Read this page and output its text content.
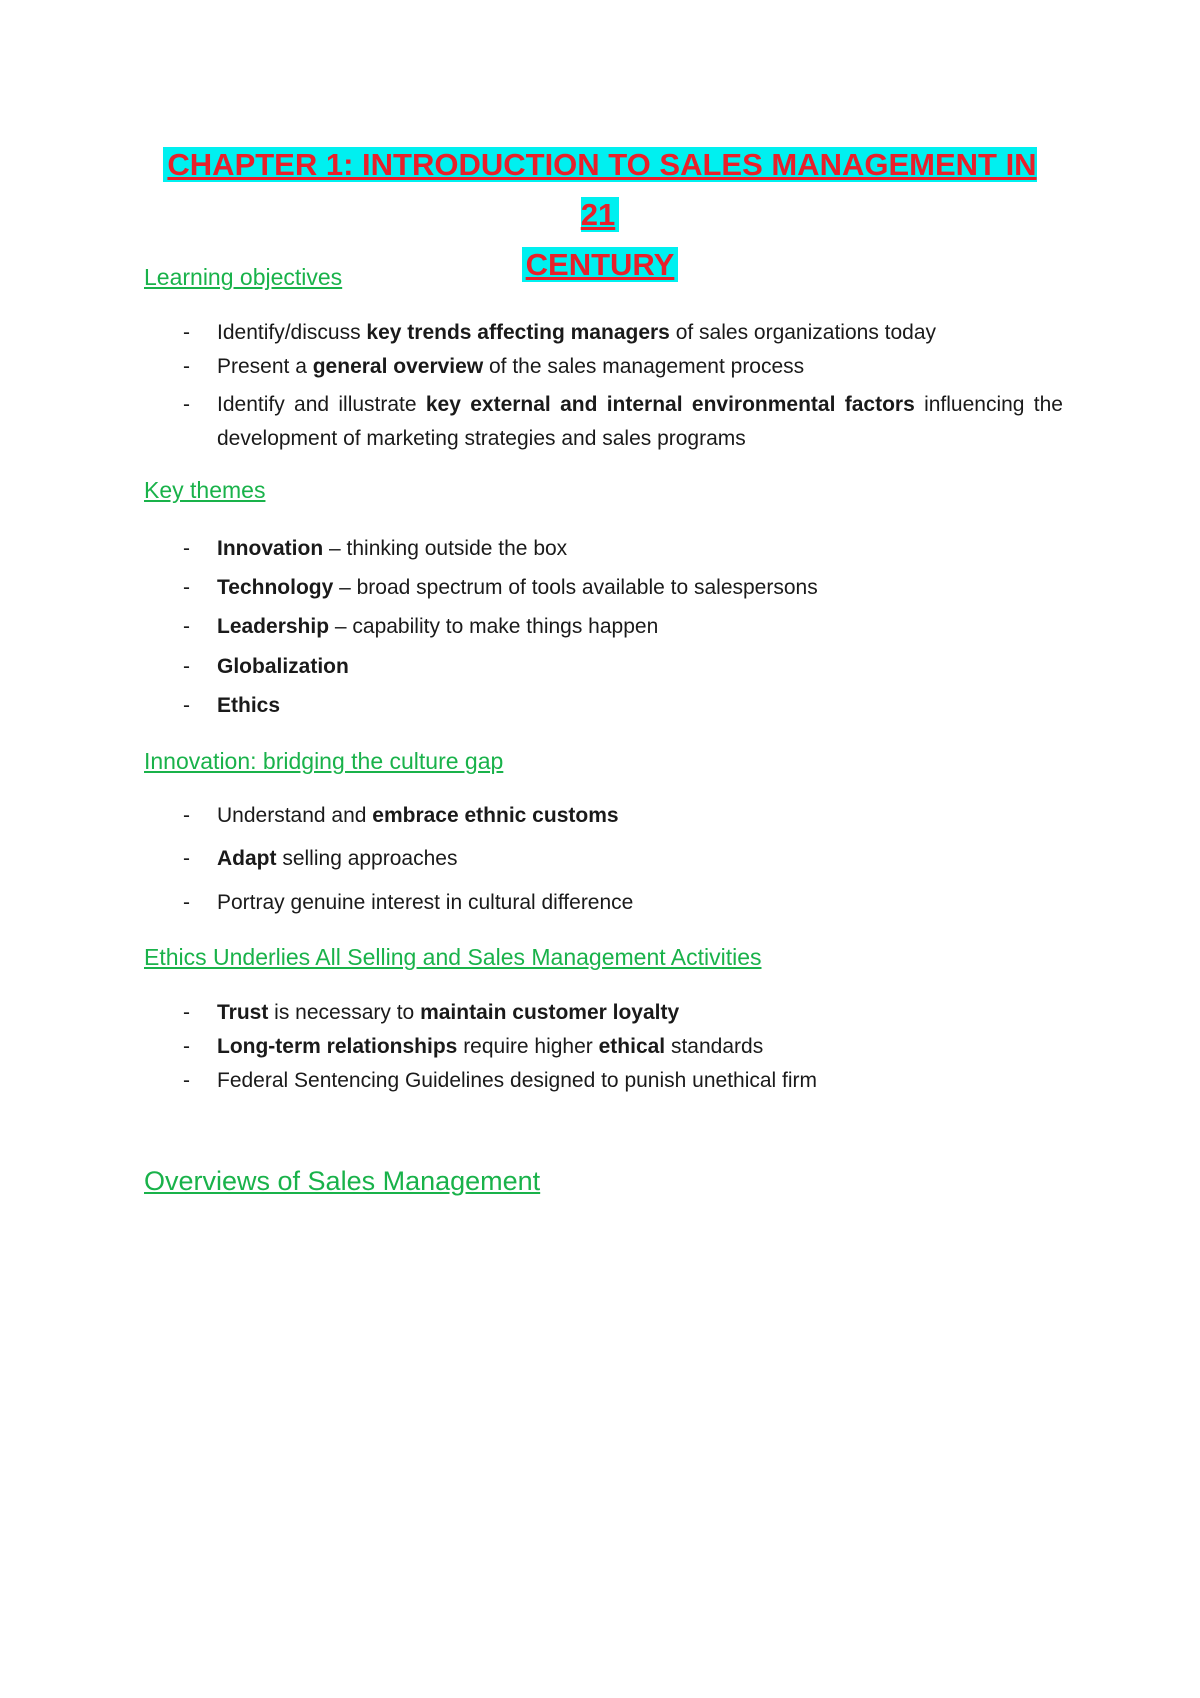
CHAPTER 1: INTRODUCTION TO SALES MANAGEMENT IN 21
CENTURY
Learning objectives
- Identify/discuss key trends affecting managers of sales organizations today
- Present a general overview of the sales management process
- Identify and illustrate key external and internal environmental factors influencing the development of marketing strategies and sales programs
Key themes
- Innovation – thinking outside the box
- Technology – broad spectrum of tools available to salespersons
- Leadership – capability to make things happen
- Globalization
- Ethics
Innovation: bridging the culture gap
- Understand and embrace ethnic customs
- Adapt selling approaches
- Portray genuine interest in cultural difference
Ethics Underlies All Selling and Sales Management Activities
- Trust is necessary to maintain customer loyalty
- Long-term relationships require higher ethical standards
- Federal Sentencing Guidelines designed to punish unethical firm
Overviews of Sales Management
